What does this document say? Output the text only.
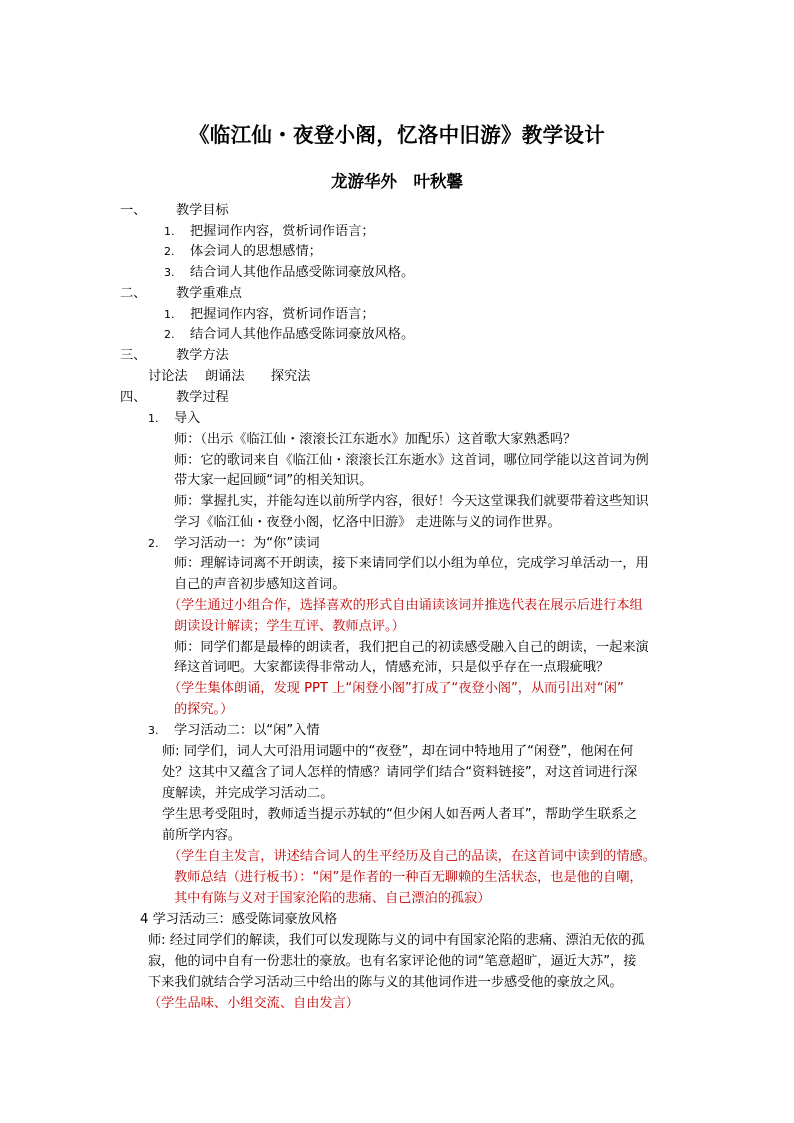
《临江仙・夜登小阁，忆洛中旧游》教学设计
龙游华外　叶秋馨
一、 教学目标
1. 把握词作内容，赏析词作语言；
2. 体会词人的思想感情；
3. 结合词人其他作品感受陈词豪放风格。
二、 教学重难点
1. 把握词作内容，赏析词作语言；
2. 结合词人其他作品感受陈词豪放风格。
三、 教学方法
讨论法　 朗诵法　　探究法
四、 教学过程
1. 导入
师：（出示《临江仙・滚滚长江东逝水》加配乐）这首歌大家熟悉吗？
师：它的歌词来自《临江仙・滚滚长江东逝水》这首词，哪位同学能以这首词为例
带大家一起回顾“词”的相关知识。
师：掌握扎实，并能勾连以前所学内容，很好！今天这堂课我们就要带着这些知识
学习《临江仙・夜登小阁，忆洛中旧游》 走进陈与义的词作世界。
2. 学习活动一：为“你”读词
师：理解诗词离不开朗读，接下来请同学们以小组为单位，完成学习单活动一，用
自己的声音初步感知这首词。
（学生通过小组合作，选择喜欢的形式自由诵读该词并推选代表在展示后进行本组
朗读设计解读；学生互评、教师点评。）
师：同学们都是最棒的朗读者，我们把自己的初读感受融入自己的朗读，一起来演
绎这首词吧。大家都读得非常动人，情感充沛，只是似乎存在一点瑕疵哦？
（学生集体朗诵，发现 PPT 上“闲登小阁”打成了“夜登小阁”，从而引出对“闲”
的探究。）
3. 学习活动二：以“闲”入情
师: 同学们，词人大可沿用词题中的“夜登”，却在词中特地用了“闲登”，他闲在何
处？这其中又蕴含了词人怎样的情感？请同学们结合“资料链接”，对这首词进行深
度解读，并完成学习活动二。
学生思考受阻时，教师适当提示苏轼的“但少闲人如吾两人者耳”，帮助学生联系之
前所学内容。
（学生自主发言，讲述结合词人的生平经历及自己的品读，在这首词中读到的情感。
教师总结（进行板书）：“闲”是作者的一种百无聊赖的生活状态，也是他的自嘲，
其中有陈与义对于国家沦陷的悲痛、自己漂泊的孤寂）
4 学习活动三：感受陈词豪放风格
师: 经过同学们的解读，我们可以发现陈与义的词中有国家沦陷的悲痛、漂泊无依的孤
寂，他的词中自有一份悲壮的豪放。也有名家评论他的词“笔意超旷，逼近大苏”，接
下来我们就结合学习活动三中给出的陈与义的其他词作进一步感受他的豪放之风。
（学生品味、小组交流、自由发言）
